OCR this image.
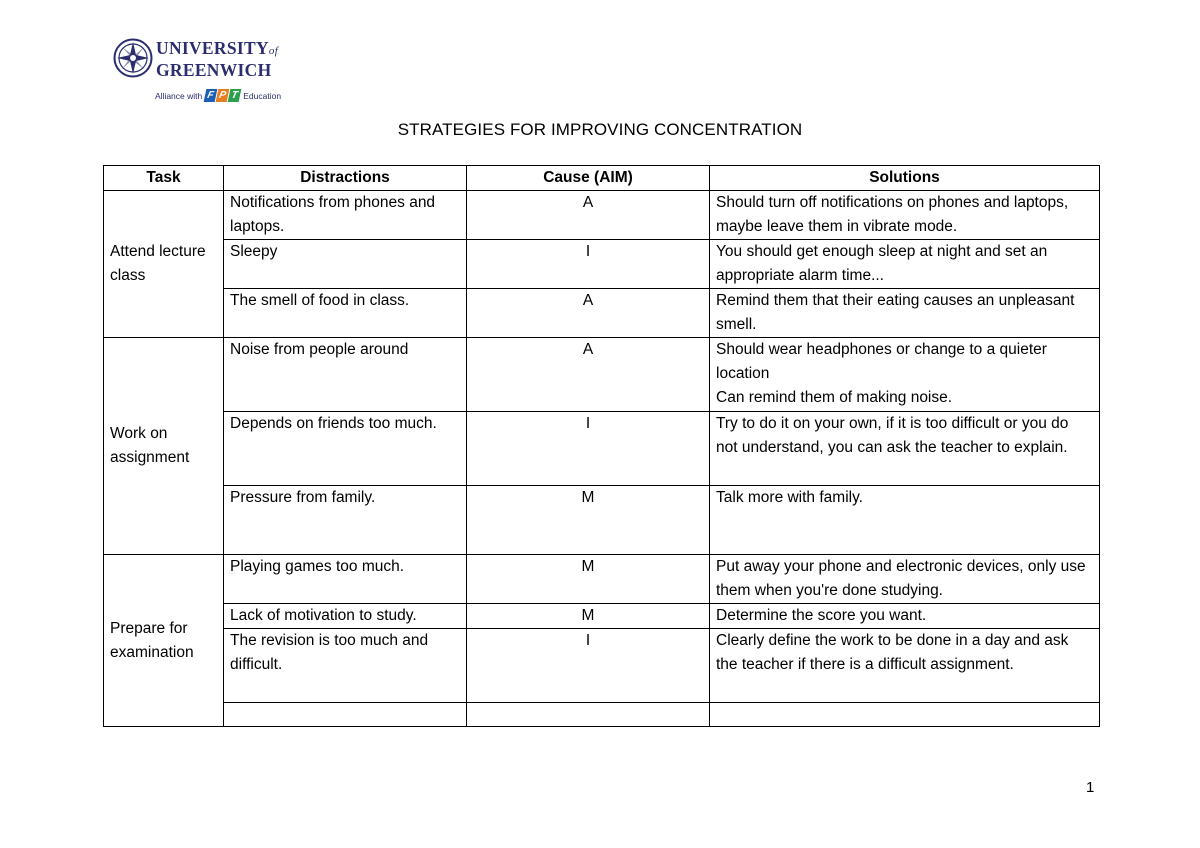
UNIVERSITYof
GREENWICH
Alliance with F P T Education
STRATEGIES FOR IMPROVING CONCENTRATION
Task	Distractions	Cause (AIM)	Solutions
Attend lecture class	Notifications from phones and laptops.	A	Should turn off notifications on phones and laptops, maybe leave them in vibrate mode.
	Sleepy	I	You should get enough sleep at night and set an appropriate alarm time...
	The smell of food in class.	A	Remind them that their eating causes an unpleasant smell.
Work on assignment	Noise from people around	A	Should wear headphones or change to a quieter location
Can remind them of making noise.

	Depends on friends too much.	I	Try to do it on your own, if it is too difficult or you do not understand, you can ask the teacher to explain.
	Pressure from family.	M	Talk more with family.
Prepare for examination	Playing games too much.	M	Put away your phone and electronic devices, only use them when you're done studying.
	Lack of motivation to study.	M	Determine the score you want.
	The revision is too much and difficult.	I	Clearly define the work to be done in a day and ask the teacher if there is a difficult assignment.

1
